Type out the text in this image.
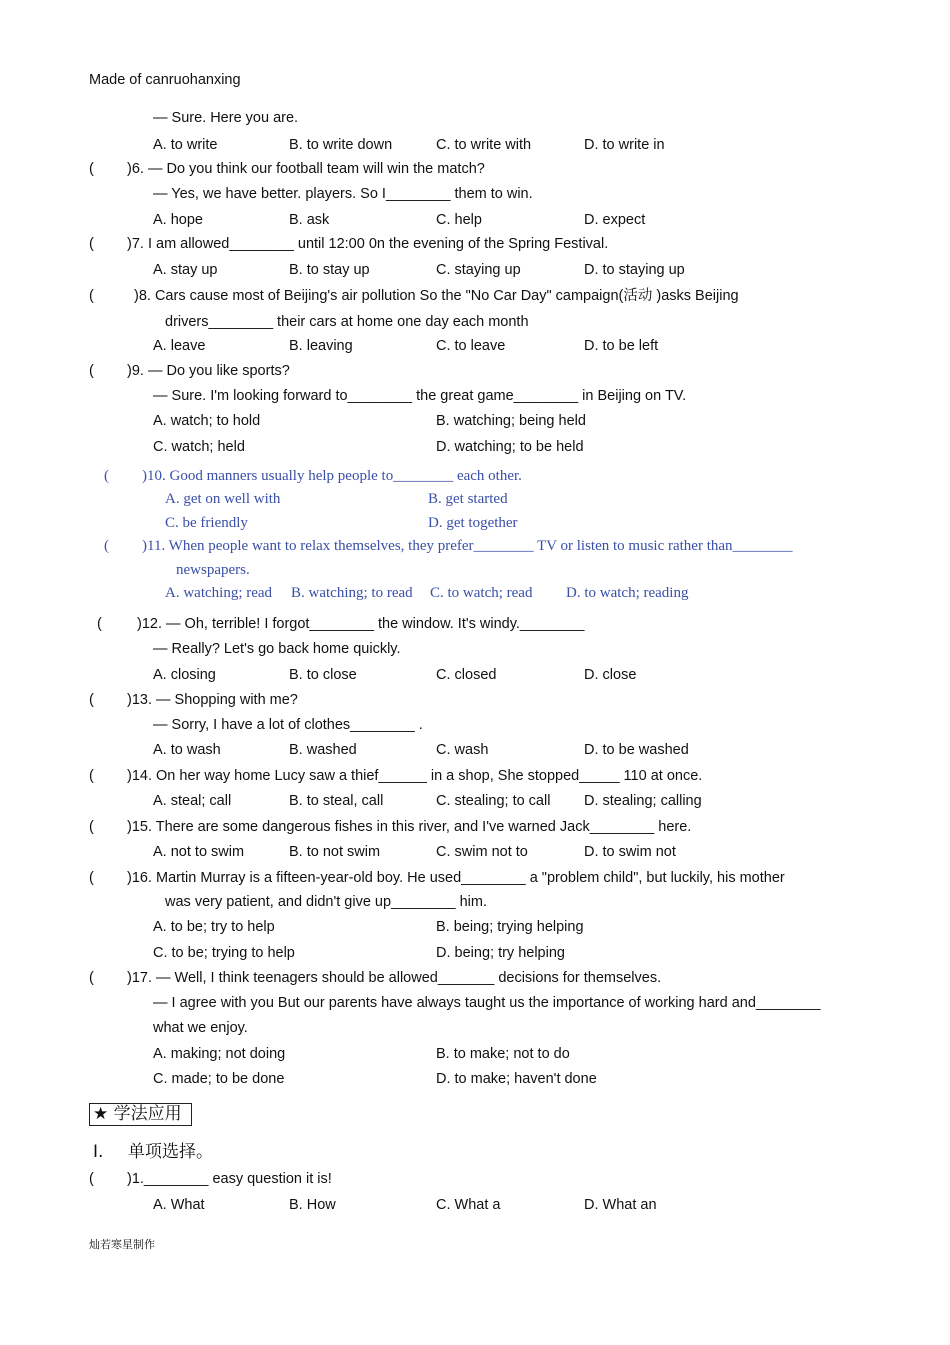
Made of canruohanxing
— Sure. Here you are.
A. to write	B. to write down	C. to write with	D. to write in
( )6. — Do you think our football team will win the match?
— Yes, we have better. players. So I________ them to win.
A. hope	B. ask	C. help	D. expect
( )7. I am allowed________ until 12:00 0n the evening of the Spring Festival.
A. stay up	B. to stay up	C. staying up	D. to staying up
(	)8. Cars cause most of Beijing's air pollution So the "No Car Day" campaign(活动 )asks Beijing
drivers________ their cars at home one day each month
A. leave	B. leaving	C. to leave	D. to be left
( )9. — Do you like sports?
— Sure. I'm looking forward to________ the great game________ in Beijing on TV.
A. watch; to hold	B. watching; being held
C. watch; held	D. watching; to be held
( )10. Good manners usually help people to________ each other.
A. get on well with	B. get started
C. be friendly	D. get together
( )11. When people want to relax themselves, they prefer________ TV or listen to music rather than________
newspapers.
A. watching; read B. watching; to read C. to watch; read D. to watch; reading
( )12. — Oh, terrible! I forgot________ the window. It's windy.________
— Really? Let's go back home quickly.
A. closing	B. to close	C. closed	D. close
( )13. — Shopping with me?
— Sorry, I have a lot of clothes________ .
A. to wash	B. washed	C. wash	D. to be washed
( )14. On her way home Lucy saw a thief______ in a shop, She stopped_____ 110 at once.
A. steal; call	B. to steal, call	C. stealing; to call D. stealing; calling
( )15. There are some dangerous fishes in this river, and I've warned Jack________ here.
A. not to swim	B. to not swim	C. swim not to	D. to swim not
( )16. Martin Murray is a fifteen-year-old boy. He used________ a "problem child", but luckily, his mother
was very patient, and didn't give up________ him.
A. to be; try to help	B. being; trying helping
C. to be; trying to help	D. being; try helping
( )17. — Well, I think teenagers should be allowed_______ decisions for themselves.
— I agree with you But our parents have always taught us the importance of working hard and________
what we enjoy.
A. making; not doing	B. to make; not to do
C. made; to be done	D. to make; haven't done
★ 学法应用
I. 单项选择。
( )1.________ easy question it is!
A. What	B. How	C. What a	D. What an
灿若寒星制作
